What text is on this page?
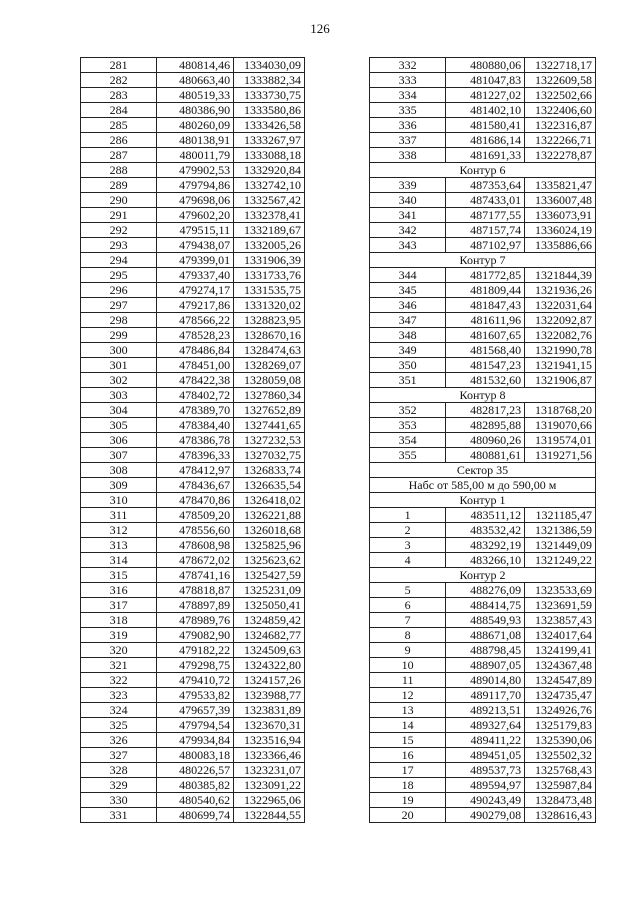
126
281	480814,46	1334030,09
282	480663,40	1333882,34
283	480519,33	1333730,75
284	480386,90	1333580,86
285	480260,09	1333426,58
286	480138,91	1333267,97
287	480011,79	1333088,18
288	479902,53	1332920,84
289	479794,86	1332742,10
290	479698,06	1332567,42
291	479602,20	1332378,41
292	479515,11	1332189,67
293	479438,07	1332005,26
294	479399,01	1331906,39
295	479337,40	1331733,76
296	479274,17	1331535,75
297	479217,86	1331320,02
298	478566,22	1328823,95
299	478528,23	1328670,16
300	478486,84	1328474,63
301	478451,00	1328269,07
302	478422,38	1328059,08
303	478402,72	1327860,34
304	478389,70	1327652,89
305	478384,40	1327441,65
306	478386,78	1327232,53
307	478396,33	1327032,75
308	478412,97	1326833,74
309	478436,67	1326635,54
310	478470,86	1326418,02
311	478509,20	1326221,88
312	478556,60	1326018,68
313	478608,98	1325825,96
314	478672,02	1325623,62
315	478741,16	1325427,59
316	478818,87	1325231,09
317	478897,89	1325050,41
318	478989,76	1324859,42
319	479082,90	1324682,77
320	479182,22	1324509,63
321	479298,75	1324322,80
322	479410,72	1324157,26
323	479533,82	1323988,77
324	479657,39	1323831,89
325	479794,54	1323670,31
326	479934,84	1323516,94
327	480083,18	1323366,46
328	480226,57	1323231,07
329	480385,82	1323091,22
330	480540,62	1322965,06
331	480699,74	1322844,55
332	480880,06	1322718,17
333	481047,83	1322609,58
334	481227,02	1322502,66
335	481402,10	1322406,60
336	481580,41	1322316,87
337	481686,14	1322266,71
338	481691,33	1322278,87
Контур 6		
339	487353,64	1335821,47
340	487433,01	1336007,48
341	487177,55	1336073,91
342	487157,74	1336024,19
343	487102,97	1335886,66
Контур 7		
344	481772,85	1321844,39
345	481809,44	1321936,26
346	481847,43	1322031,64
347	481611,96	1322092,87
348	481607,65	1322082,76
349	481568,40	1321990,78
350	481547,23	1321941,15
351	481532,60	1321906,87
Контур 8		
352	482817,23	1318768,20
353	482895,88	1319070,66
354	480960,26	1319574,01
355	480881,61	1319271,56
Сектор 35		
Набс от 585,00 м до 590,00 м		
Контур 1		
1	483511,12	1321185,47
2	483532,42	1321386,59
3	483292,19	1321449,09
4	483266,10	1321249,22
Контур 2		
5	488276,09	1323533,69
6	488414,75	1323691,59
7	488549,93	1323857,43
8	488671,08	1324017,64
9	488798,45	1324199,41
10	488907,05	1324367,48
11	489014,80	1324547,89
12	489117,70	1324735,47
13	489213,51	1324926,76
14	489327,64	1325179,83
15	489411,22	1325390,06
16	489451,05	1325502,32
17	489537,73	1325768,43
18	489594,97	1325987,84
19	490243,49	1328473,48
20	490279,08	1328616,43
